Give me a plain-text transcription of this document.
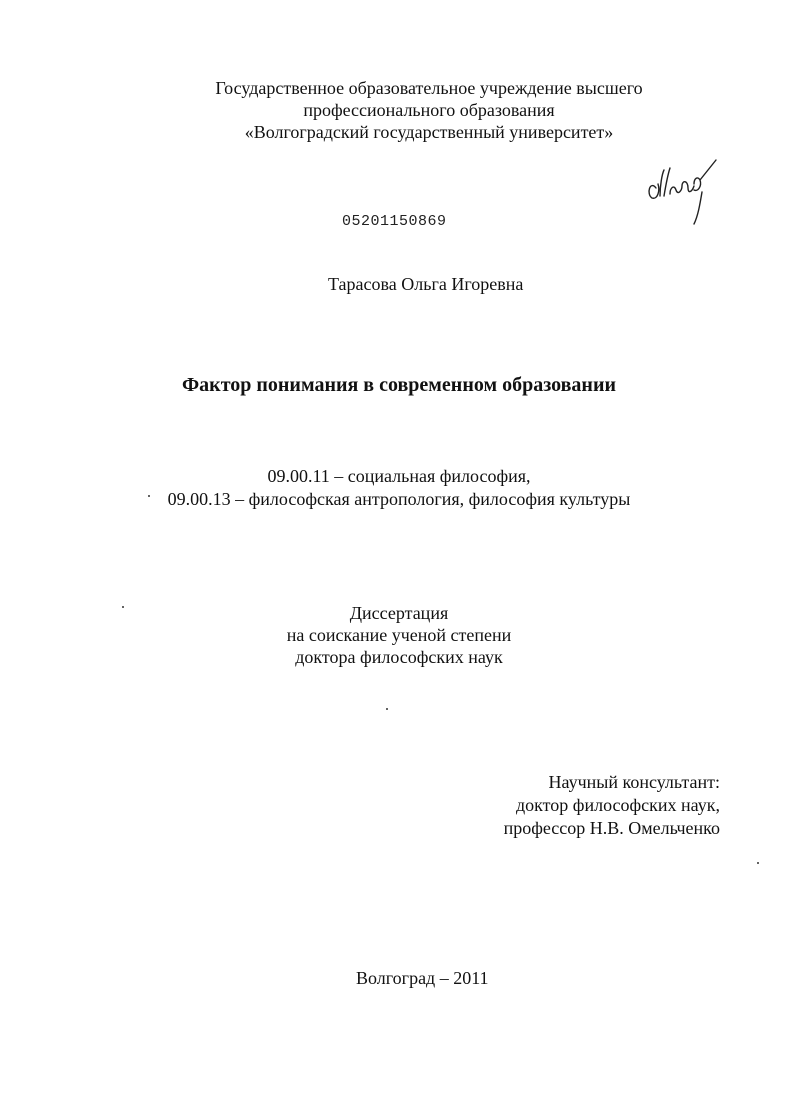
Государственное образовательное учреждение высшего
профессионального образования
«Волгоградский государственный университет»
05201150869
Тарасова Ольга Игоревна
Фактор понимания в современном образовании
09.00.11 – социальная философия,
09.00.13 – философская антропология, философия культуры
Диссертация
на соискание ученой степени
доктора философских наук
Научный консультант:
доктор философских наук,
профессор Н.В. Омельченко
Волгоград – 2011
